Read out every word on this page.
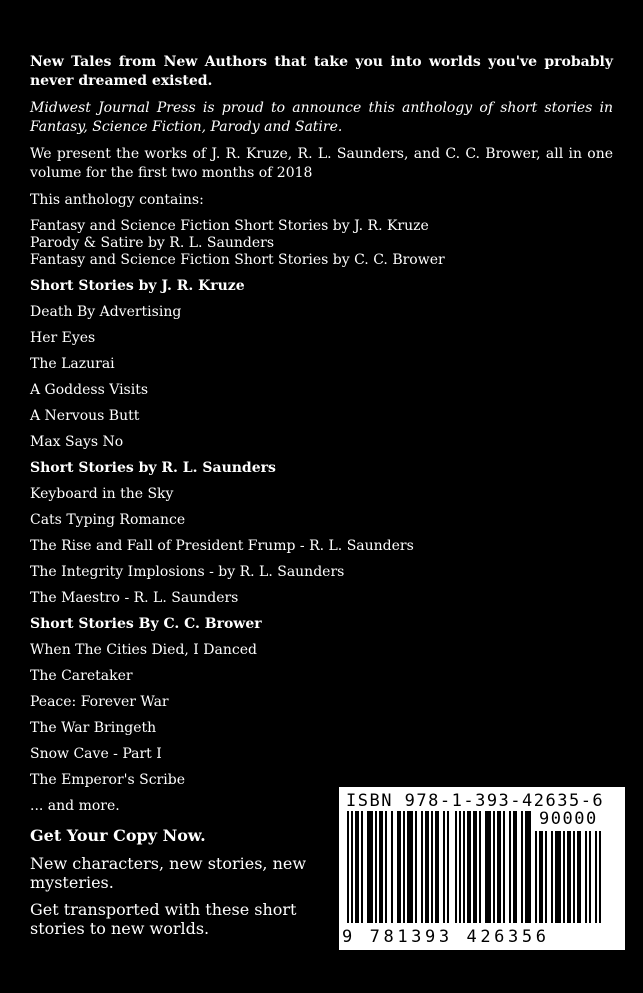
New Tales from New Authors that take you into worlds you've probably never dreamed existed.

Midwest Journal Press is proud to announce this anthology of short stories in Fantasy, Science Fiction, Parody and Satire.

We present the works of J. R. Kruze, R. L. Saunders, and C. C. Brower, all in one volume for the first two months of 2018

This anthology contains:

Fantasy and Science Fiction Short Stories by J. R. Kruze
Parody & Satire by R. L. Saunders
Fantasy and Science Fiction Short Stories by C. C. Brower

Short Stories by J. R. Kruze

Death By Advertising

Her Eyes

The Lazurai

A Goddess Visits

A Nervous Butt

Max Says No

Short Stories by R. L. Saunders

Keyboard in the Sky

Cats Typing Romance

The Rise and Fall of President Frump - R. L. Saunders

The Integrity Implosions - by R. L. Saunders

The Maestro - R. L. Saunders

Short Stories By C. C. Brower

When The Cities Died, I Danced

The Caretaker

Peace: Forever War

The War Bringeth

Snow Cave - Part I

The Emperor's Scribe

... and more.

Get Your Copy Now.

New characters, new stories, new mysteries.

Get transported with these short stories to new worlds.

ISBN 978-1-393-42635-6
90000
9 781393 426356
